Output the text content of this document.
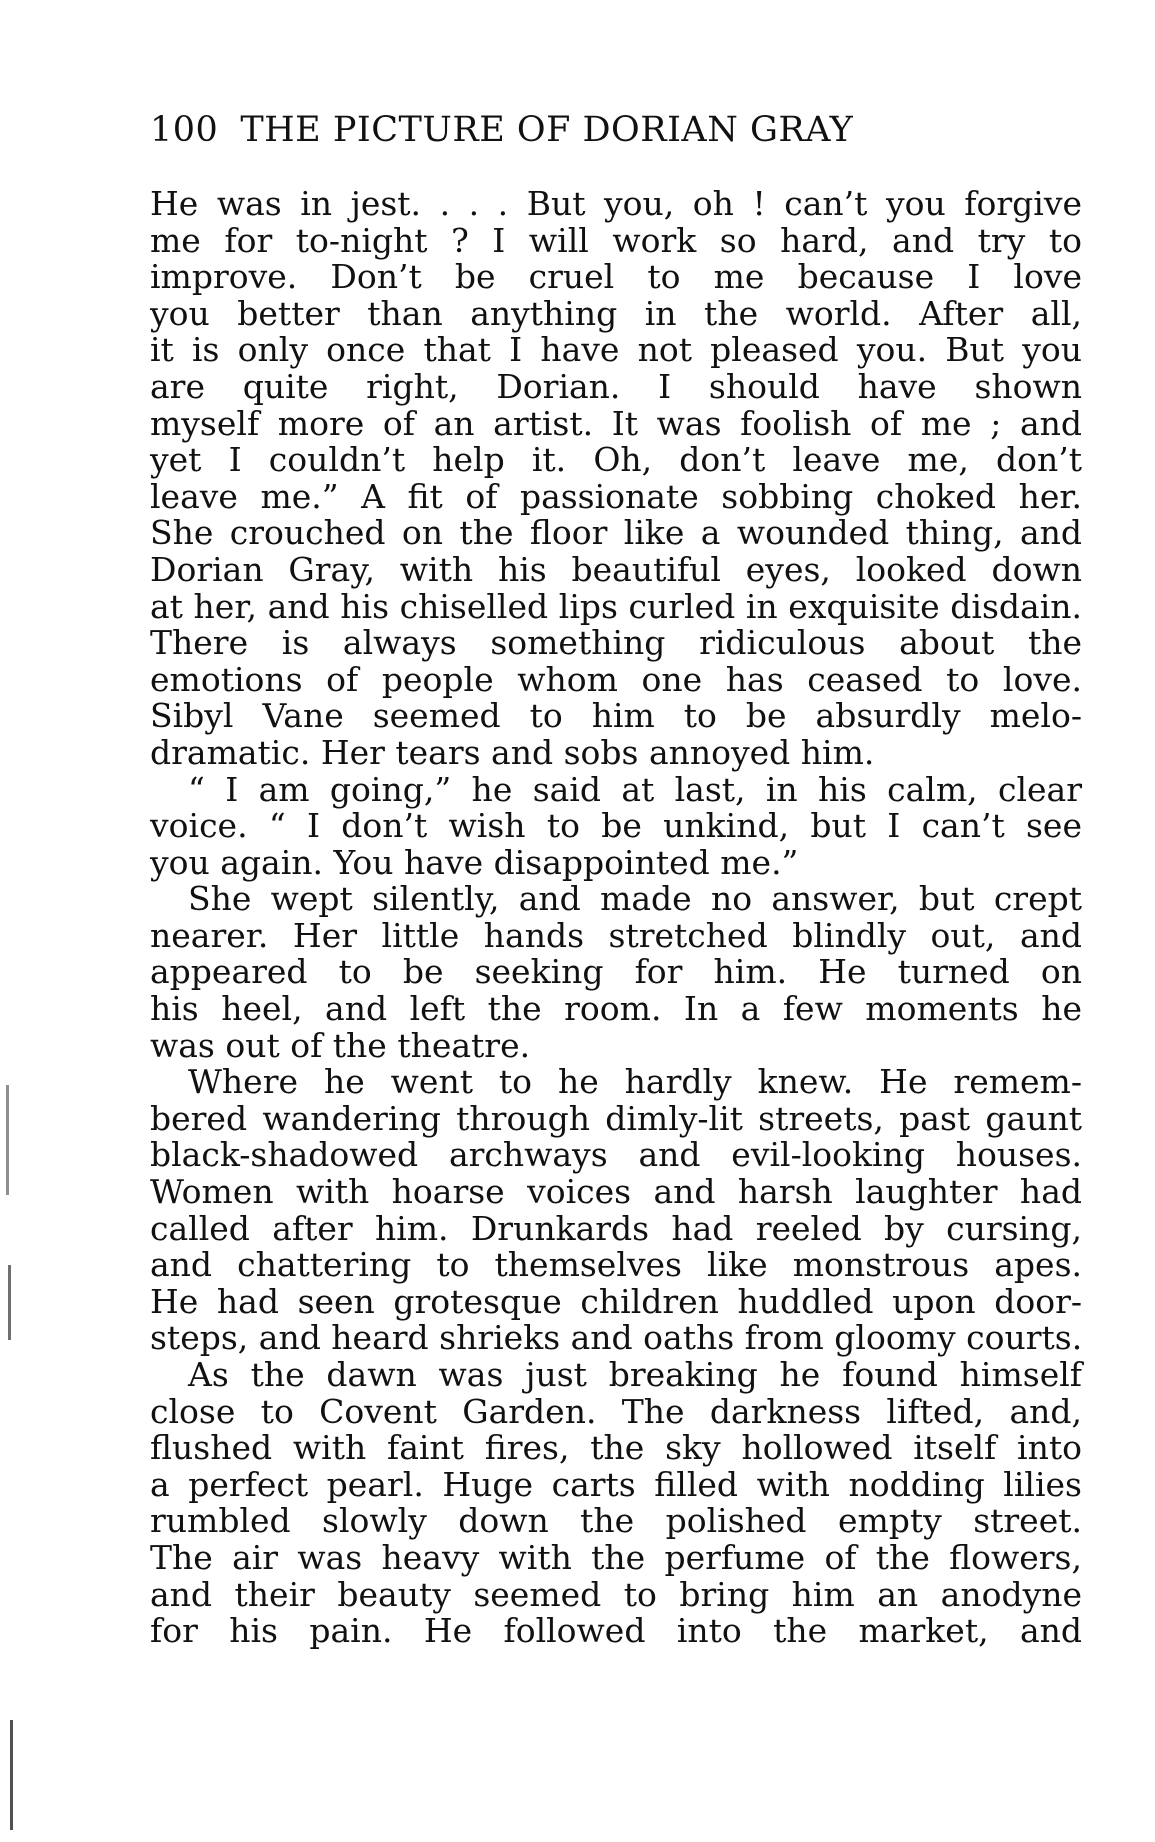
100 THE PICTURE OF DORIAN GRAY
He was in jest. . . . But you, oh ! can’t you forgive
me for to-night ? I will work so hard, and try to
improve. Don’t be cruel to me because I love
you better than anything in the world. After all,
it is only once that I have not pleased you. But you
are quite right, Dorian. I should have shown
myself more of an artist. It was foolish of me ; and
yet I couldn’t help it. Oh, don’t leave me, don’t
leave me.” A fit of passionate sobbing choked her.
She crouched on the floor like a wounded thing, and
Dorian Gray, with his beautiful eyes, looked down
at her, and his chiselled lips curled in exquisite disdain.
There is always something ridiculous about the
emotions of people whom one has ceased to love.
Sibyl Vane seemed to him to be absurdly melo-
dramatic. Her tears and sobs annoyed him.
“ I am going,” he said at last, in his calm, clear
voice. “ I don’t wish to be unkind, but I can’t see
you again. You have disappointed me.”
She wept silently, and made no answer, but crept
nearer. Her little hands stretched blindly out, and
appeared to be seeking for him. He turned on
his heel, and left the room. In a few moments he
was out of the theatre.
Where he went to he hardly knew. He remem-
bered wandering through dimly-lit streets, past gaunt
black-shadowed archways and evil-looking houses.
Women with hoarse voices and harsh laughter had
called after him. Drunkards had reeled by cursing,
and chattering to themselves like monstrous apes.
He had seen grotesque children huddled upon door-
steps, and heard shrieks and oaths from gloomy courts.
As the dawn was just breaking he found himself
close to Covent Garden. The darkness lifted, and,
flushed with faint fires, the sky hollowed itself into
a perfect pearl. Huge carts filled with nodding lilies
rumbled slowly down the polished empty street.
The air was heavy with the perfume of the flowers,
and their beauty seemed to bring him an anodyne
for his pain. He followed into the market, and
